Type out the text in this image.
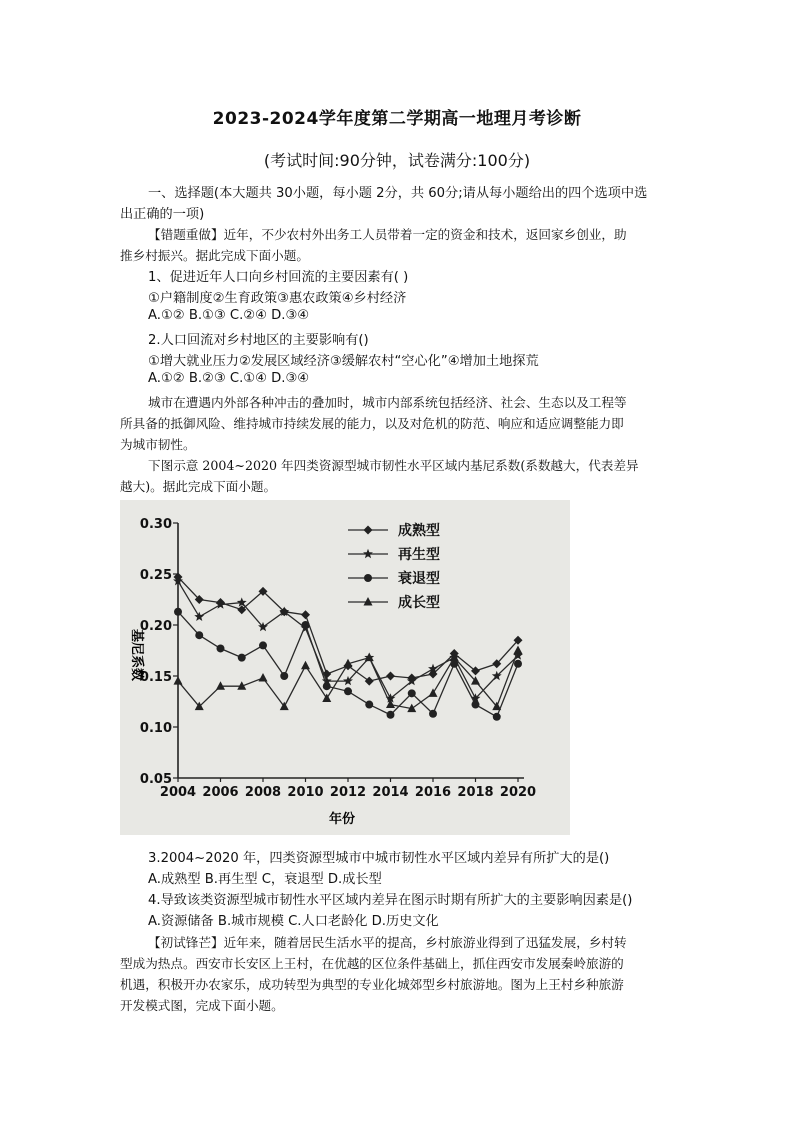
2023-2024学年度第二学期高一地理月考诊断
(考试时间:90分钟，试卷满分:100分)
一、选择题(本大题共 30小题，每小题 2分，共 60分;请从每小题给出的四个选项中选
出正确的一项)
【错题重做】近年，不少农村外出务工人员带着一定的资金和技术，返回家乡创业，助
推乡村振兴。据此完成下面小题。
1、促进近年人口向乡村回流的主要因素有( )
①户籍制度②生育政策③惠农政策④乡村经济
A.①② B.①③ C.②④ D.③④
2.人口回流对乡村地区的主要影响有()
①增大就业压力②发展区域经济③缓解农村“空心化”④增加土地探荒
A.①② B.②③ C.①④ D.③④
城市在遭遇内外部各种冲击的叠加时，城市内部系统包括经济、社会、生态以及工程等
所具备的抵御风险、维持城市持续发展的能力，以及对危机的防范、响应和适应调整能力即
为城市韧性。
下图示意 2004~2020 年四类资源型城市韧性水平区域内基尼系数(系数越大，代表差异
越大)。据此完成下面小题。
0.30
0.25
0.20
0.15
0.10
0.05
2004 2006 2008 2010 2012 2014 2016 2018 2020
成熟型
再生型
衰退型
成长型
年份
基尼系数
3.2004~2020 年，四类资源型城市中城市韧性水平区域内差异有所扩大的是()
A.成熟型 B.再生型 C，衰退型 D.成长型
4.导致该类资源型城市韧性水平区域内差异在图示时期有所扩大的主要影响因素是()
A.资源储备 B.城市规模 C.人口老龄化 D.历史文化
【初试锋芒】近年来，随着居民生活水平的提高，乡村旅游业得到了迅猛发展，乡村转
型成为热点。西安市长安区上王村，在优越的区位条件基础上，抓住西安市发展秦岭旅游的
机遇，积极开办农家乐，成功转型为典型的专业化城郊型乡村旅游地。图为上王村乡种旅游
开发模式图，完成下面小题。
